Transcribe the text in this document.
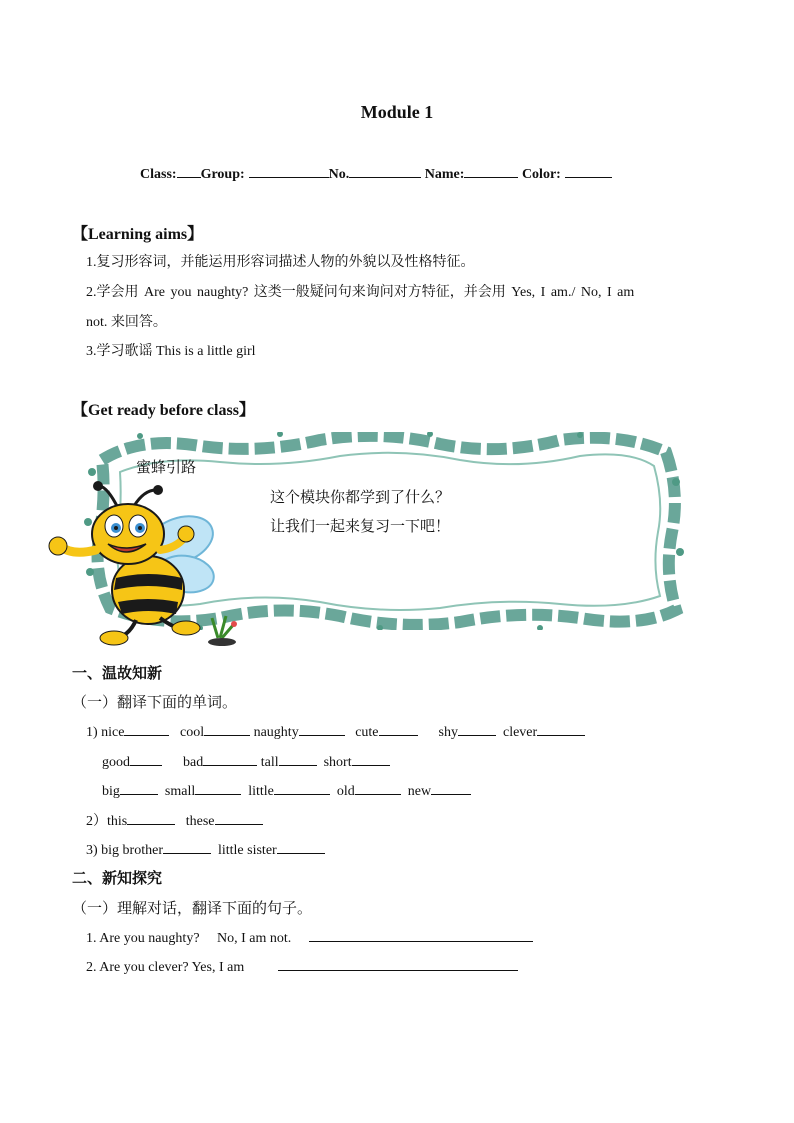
Module 1
Class:Group:	No.	Name:	Color:
【Learning aims】
1.复习形容词，并能运用形容词描述人物的外貌以及性格特征。
2.学会用 Are you naughty? 这类一般疑问句来询问对方特征，并会用 Yes, I am./ No, I am
not. 来回答。
3.学习歌谣 This is a little girl
【Get ready before class】
蜜蜂引路
这个模块你都学到了什么？
让我们一起来复习一下吧！
一、温故知新
（一）翻译下面的单词。
1) nice	cool	naughty	cute	shy	clever
good	bad	tall	short
big	small	little	old	new
2）this	these
3) big brother	little sister
二、新知探究
（一）理解对话，翻译下面的句子。
1. Are you naughty?     No, I am not.
2. Are you clever? Yes, I am
